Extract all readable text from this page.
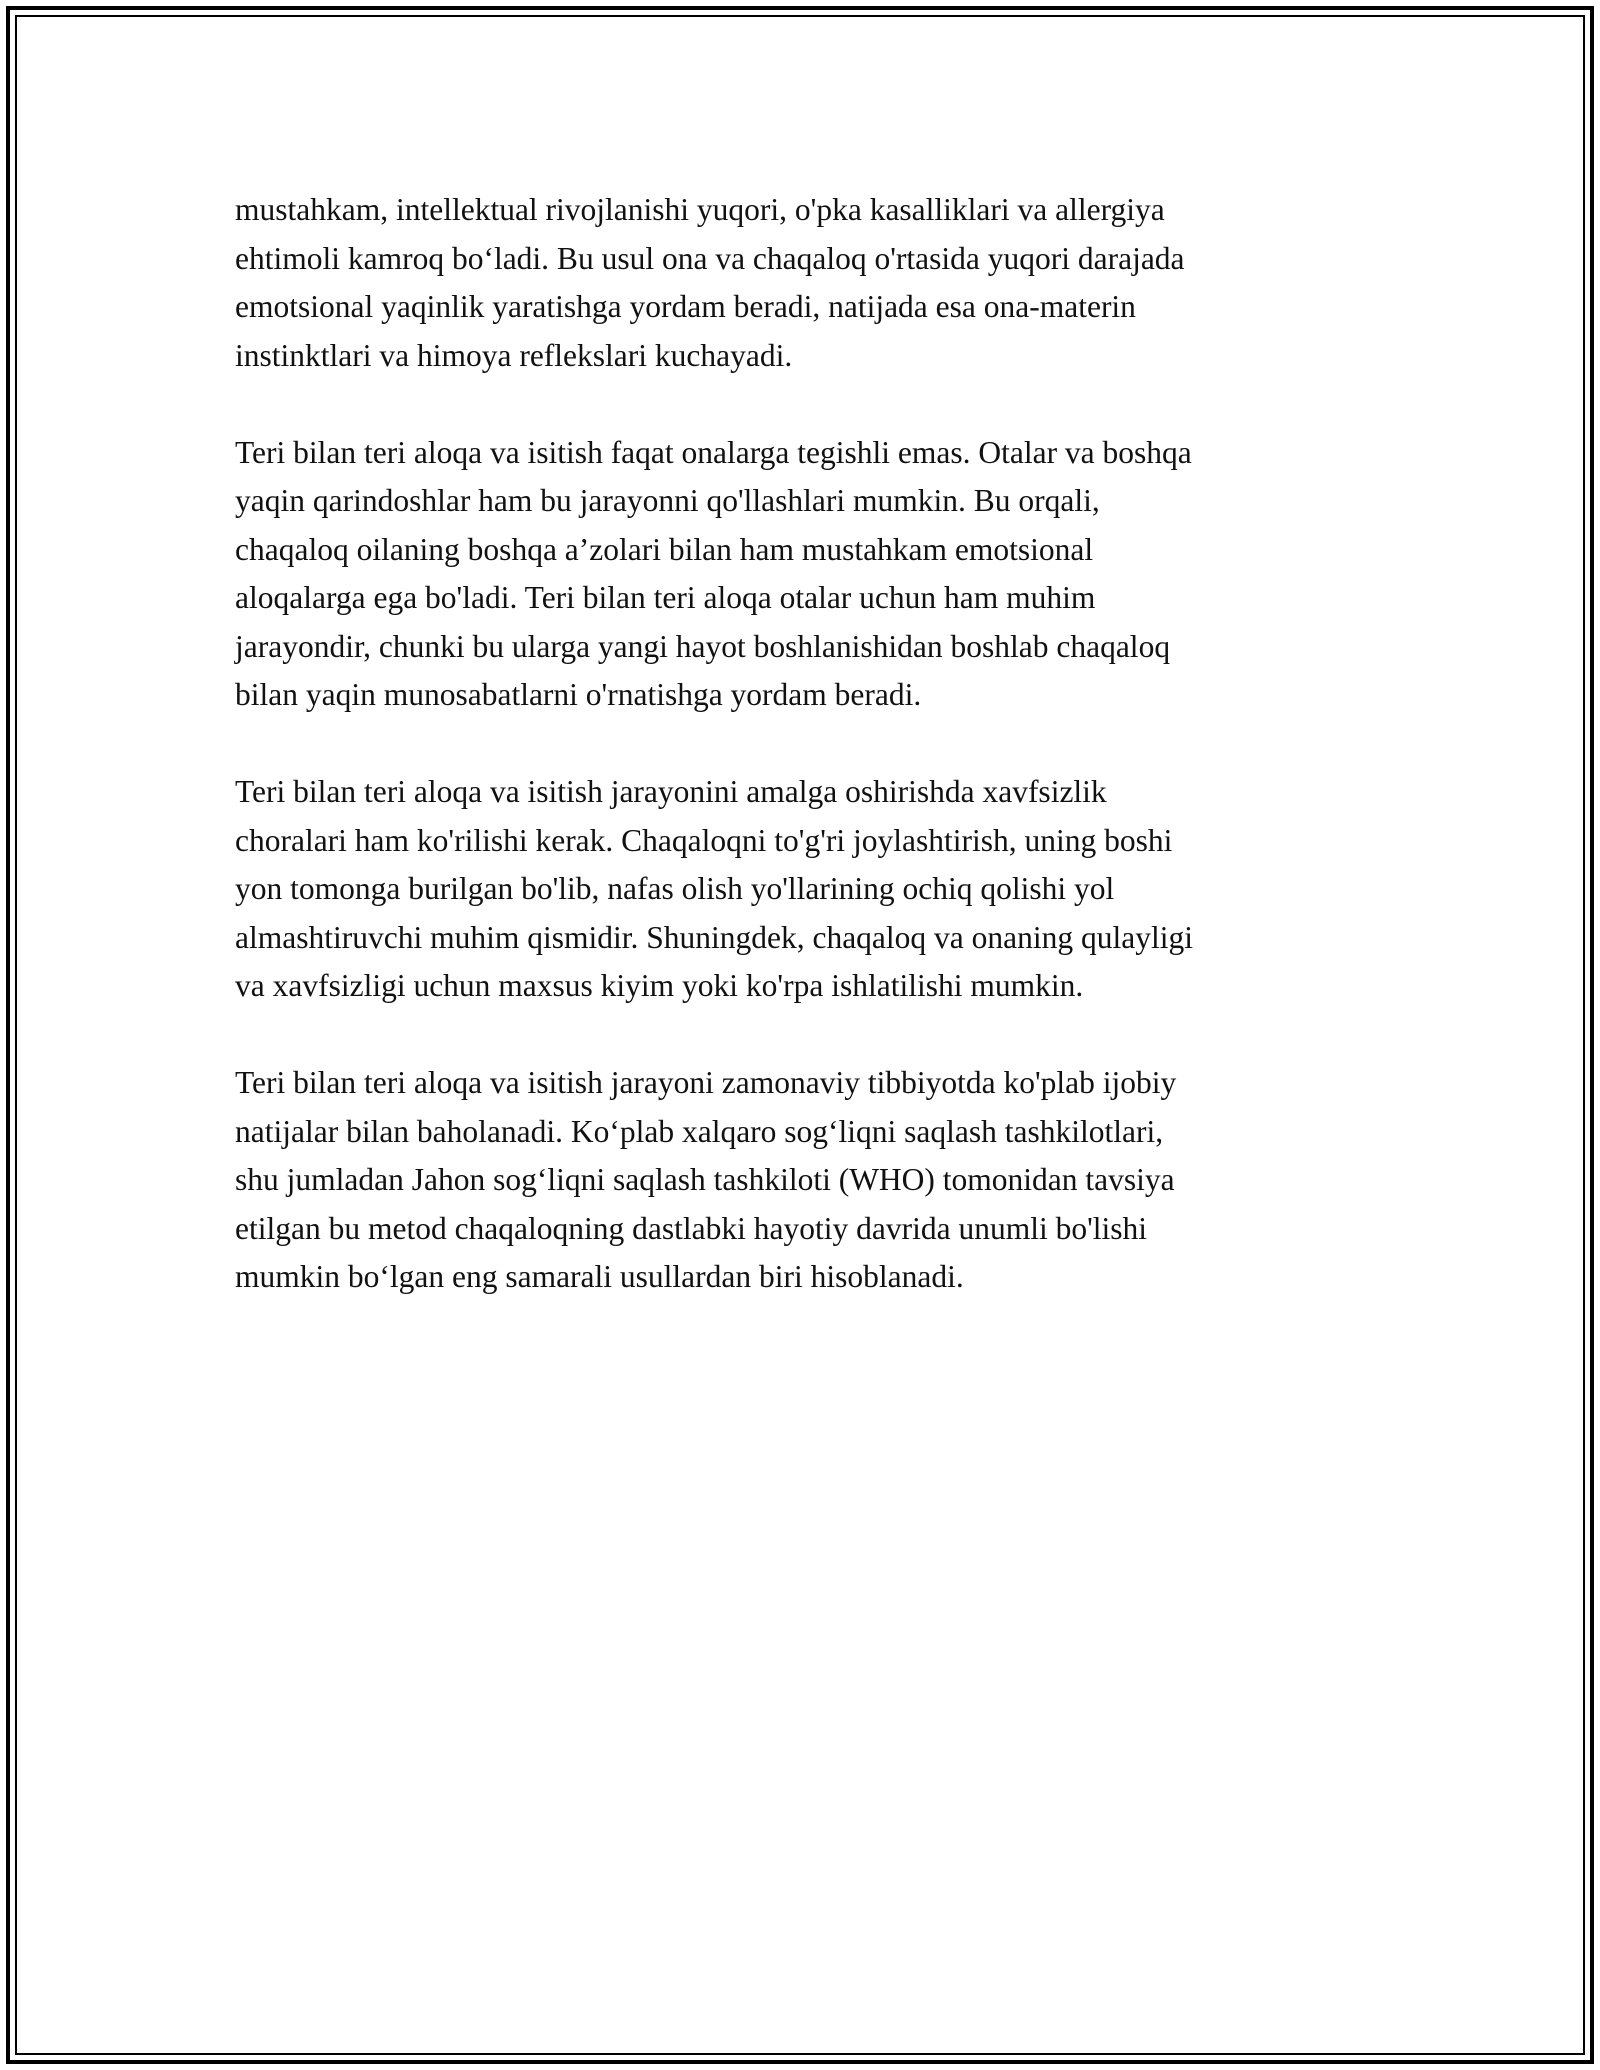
mustahkam, intellektual rivojlanishi yuqori, o'pka kasalliklari va allergiya
ehtimoli kamroq boʻladi. Bu usul ona va chaqaloq o'rtasida yuqori darajada
emotsional yaqinlik yaratishga yordam beradi, natijada esa ona-materin
instinktlari va himoya reflekslari kuchayadi.

Teri bilan teri aloqa va isitish faqat onalarga tegishli emas. Otalar va boshqa
yaqin qarindoshlar ham bu jarayonni qo'llashlari mumkin. Bu orqali,
chaqaloq oilaning boshqa a’zolari bilan ham mustahkam emotsional
aloqalarga ega bo'ladi. Teri bilan teri aloqa otalar uchun ham muhim
jarayondir, chunki bu ularga yangi hayot boshlanishidan boshlab chaqaloq
bilan yaqin munosabatlarni o'rnatishga yordam beradi.

Teri bilan teri aloqa va isitish jarayonini amalga oshirishda xavfsizlik
choralari ham ko'rilishi kerak. Chaqaloqni to'g'ri joylashtirish, uning boshi
yon tomonga burilgan bo'lib, nafas olish yo'llarining ochiq qolishi yol
almashtiruvchi muhim qismidir. Shuningdek, chaqaloq va onaning qulayligi
va xavfsizligi uchun maxsus kiyim yoki ko'rpa ishlatilishi mumkin.

Teri bilan teri aloqa va isitish jarayoni zamonaviy tibbiyotda ko'plab ijobiy
natijalar bilan baholanadi. Koʻplab xalqaro sogʻliqni saqlash tashkilotlari,
shu jumladan Jahon sogʻliqni saqlash tashkiloti (WHO) tomonidan tavsiya
etilgan bu metod chaqaloqning dastlabki hayotiy davrida unumli bo'lishi
mumkin boʻlgan eng samarali usullardan biri hisoblanadi.
